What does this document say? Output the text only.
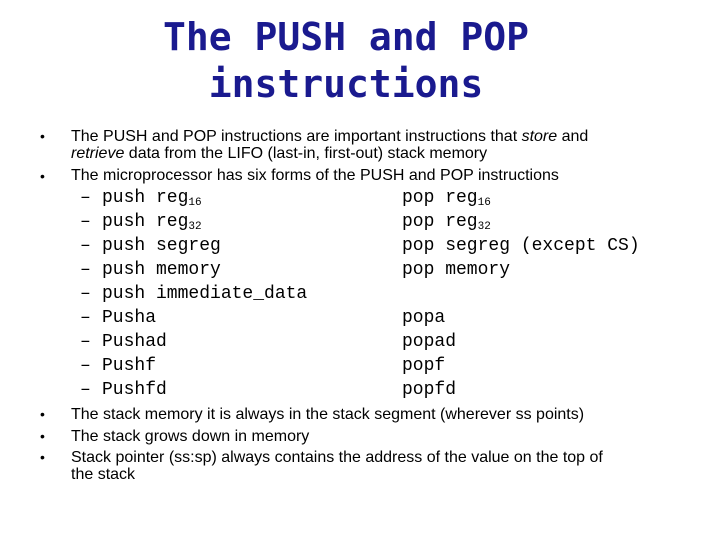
The PUSH and POP
instructions
• The PUSH and POP instructions are important instructions that store and
retrieve data from the LIFO (last-in, first-out) stack memory
• The microprocessor has six forms of the PUSH and POP instructions
– push reg$_{16}$	pop reg$_{16}$
– push reg$_{32}$	pop reg$_{32}$
– push segreg	pop segreg (except CS)
– push memory	pop memory
– push immediate_data
– Pusha	popa
– Pushad	popad
– Pushf	popf
– Pushfd	popfd
• The stack memory it is always in the stack segment (wherever ss points)
• The stack grows down in memory
• Stack pointer (ss:sp) always contains the address of the value on the top of
the stack
